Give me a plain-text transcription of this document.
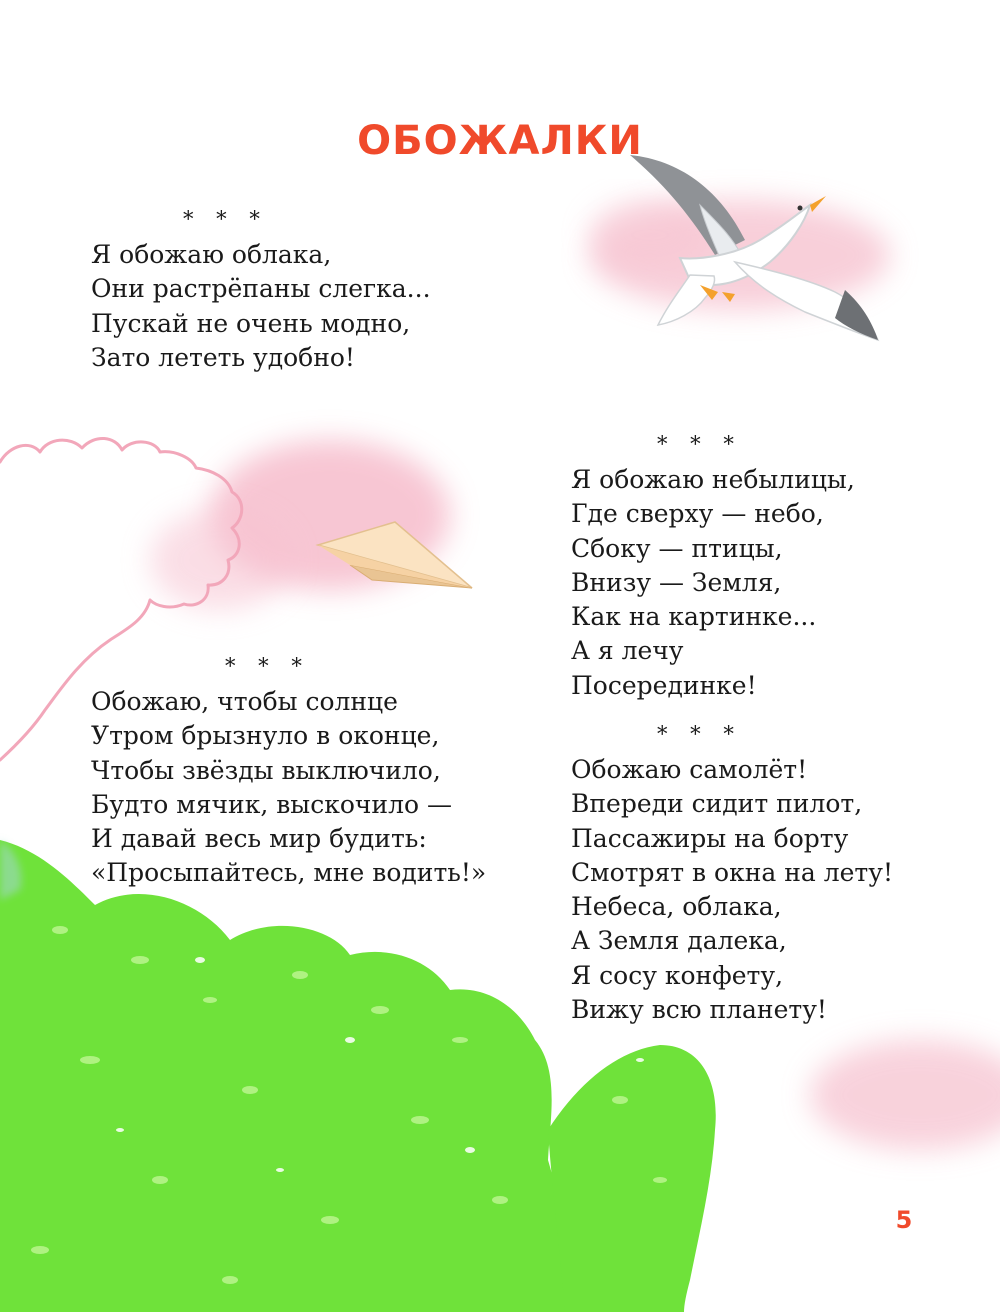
ОБОЖАЛКИ
* * *
Я обожаю облака,
Они растрёпаны слегка...
Пускай не очень модно,
Зато лететь удобно!
* * *
Я обожаю небылицы,
Где сверху — небо,
Сбоку — птицы,
Внизу — Земля,
Как на картинке...
А я лечу
Посерединке!
* * *
Обожаю, чтобы солнце
Утром брызнуло в оконце,
Чтобы звёзды выключило,
Будто мячик, выскочило —
И давай весь мир будить:
«Просыпайтесь, мне водить!»
* * *
Обожаю самолёт!
Впереди сидит пилот,
Пассажиры на борту
Смотрят в окна на лету!
Небеса, облака,
А Земля далека,
Я сосу конфету,
Вижу всю планету!
5
